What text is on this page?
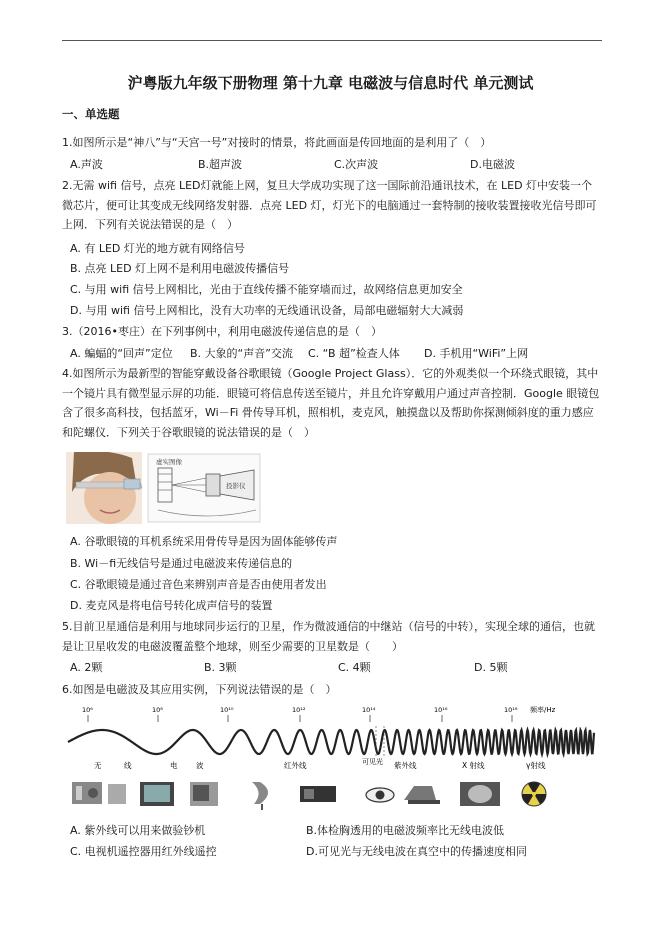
沪粤版九年级下册物理 第十九章 电磁波与信息时代 单元测试
一、单选题
1.如图所示是“神八”与“天宫一号”对接时的情景，将此画面是传回地面的是利用了（　）
A.声波	B.超声波	C.次声波	D.电磁波
2.无需 wifi 信号，点亮 LED灯就能上网，复旦大学成功实现了这一国际前沿通讯技术，在 LED 灯中安装一个微芯片，便可让其变成无线网络发射器．点亮 LED 灯，灯光下的电脑通过一套特制的接收装置接收光信号即可上网．下列有关说法错误的是（　）
A. 有 LED 灯光的地方就有网络信号
B. 点亮 LED 灯上网不是利用电磁波传播信号
C. 与用 wifi 信号上网相比，光由于直线传播不能穿墙而过，故网络信息更加安全
D. 与用 wifi 信号上网相比，没有大功率的无线通讯设备，局部电磁辐射大大减弱
3.（2016•枣庄）在下列事例中，利用电磁波传递信息的是（　）
A. 蝙蝠的“回声”定位	B. 大象的“声音”交流	C. “B 超”检查人体	D. 手机用“WiFi”上网
4.如图所示为最新型的智能穿戴设备谷歌眼镜（Google Project Glass）．它的外观类似一个环绕式眼镜，其中一个镜片具有微型显示屏的功能．眼镜可将信息传送至镜片，并且允许穿戴用户通过声音控制．Google 眼镜包含了很多高科技，包括蓝牙，Wi－Fi 骨传导耳机，照相机，麦克风，触摸盘以及帮助你探测倾斜度的重力感应和陀螺仪．下列关于谷歌眼镜的说法错误的是（　）
虚实图像
投影仪
A. 谷歌眼镜的耳机系统采用骨传导是因为固体能够传声
B. Wi－fi无线信号是通过电磁波来传递信息的
C. 谷歌眼镜是通过音色来辨别声音是否由使用者发出
D. 麦克风是将电信号转化成声信号的装置
5.目前卫星通信是利用与地球同步运行的卫星，作为微波通信的中继站（信号的中转），实现全球的通信，也就是让卫星收发的电磁波覆盖整个地球，则至少需要的卫星数是（　　）
A. 2颗	B. 3颗	C. 4颗	D. 5颗
6.如图是电磁波及其应用实例，下列说法错误的是（　）
10⁶	10⁸	10¹⁰	10¹²	10¹⁴	10¹⁶	10¹⁸ 频率/Hz
无	线	电 波	红外线	可见光 紫外线	X 射线	γ射线
A. 紫外线可以用来做验钞机	B.体检胸透用的电磁波频率比无线电波低
C. 电视机遥控器用红外线遥控	D.可见光与无线电波在真空中的传播速度相同
